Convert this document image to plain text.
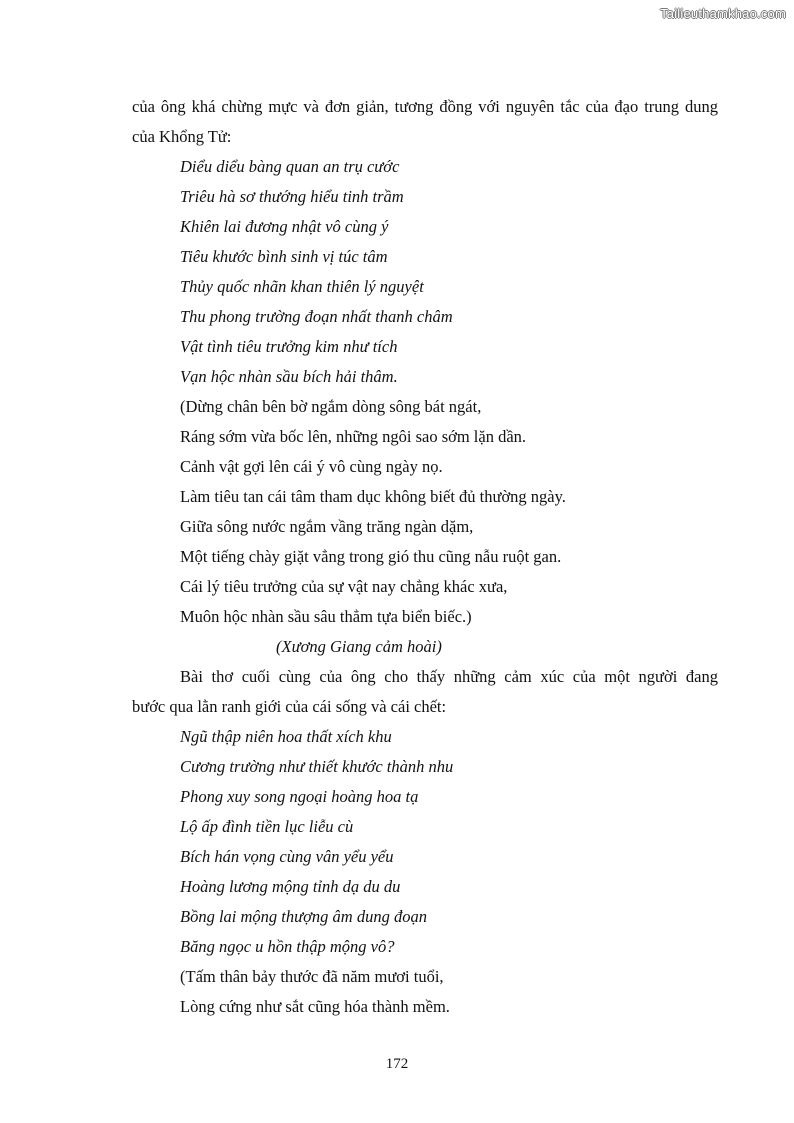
Tailieuthamkhao.com
của ông khá chừng mực và đơn giản, tương đồng với nguyên tắc của đạo trung dung
của Khổng Tử:
Diểu diểu bàng quan an trụ cước
Triêu hà sơ thướng hiểu tinh trầm
Khiên lai đương nhật vô cùng ý
Tiêu khước bình sinh vị túc tâm
Thủy quốc nhãn khan thiên lý nguyệt
Thu phong trường đoạn nhất thanh châm
Vật tình tiêu trưởng kim như tích
Vạn hộc nhàn sầu bích hải thâm.
(Dừng chân bên bờ ngắm dòng sông bát ngát,
Ráng sớm vừa bốc lên, những ngôi sao sớm lặn dần.
Cảnh vật gợi lên cái ý vô cùng ngày nọ.
Làm tiêu tan cái tâm tham dục không biết đủ thường ngày.
Giữa sông nước ngắm vầng trăng ngàn dặm,
Một tiếng chày giặt vẳng trong gió thu cũng nẫu ruột gan.
Cái lý tiêu trưởng của sự vật nay chẳng khác xưa,
Muôn hộc nhàn sầu sâu thẳm tựa biển biếc.)
(Xương Giang cảm hoài)
Bài thơ cuối cùng của ông cho thấy những cảm xúc của một người đang
bước qua lằn ranh giới của cái sống và cái chết:
Ngũ thập niên hoa thất xích khu
Cương trường như thiết khước thành nhu
Phong xuy song ngoại hoàng hoa tạ
Lộ ấp đình tiền lục liễu cù
Bích hán vọng cùng vân yểu yểu
Hoàng lương mộng tỉnh dạ du du
Bồng lai mộng thượng âm dung đoạn
Băng ngọc u hồn thập mộng vô?
(Tấm thân bảy thước đã năm mươi tuổi,
Lòng cứng như sắt cũng hóa thành mềm.
172
